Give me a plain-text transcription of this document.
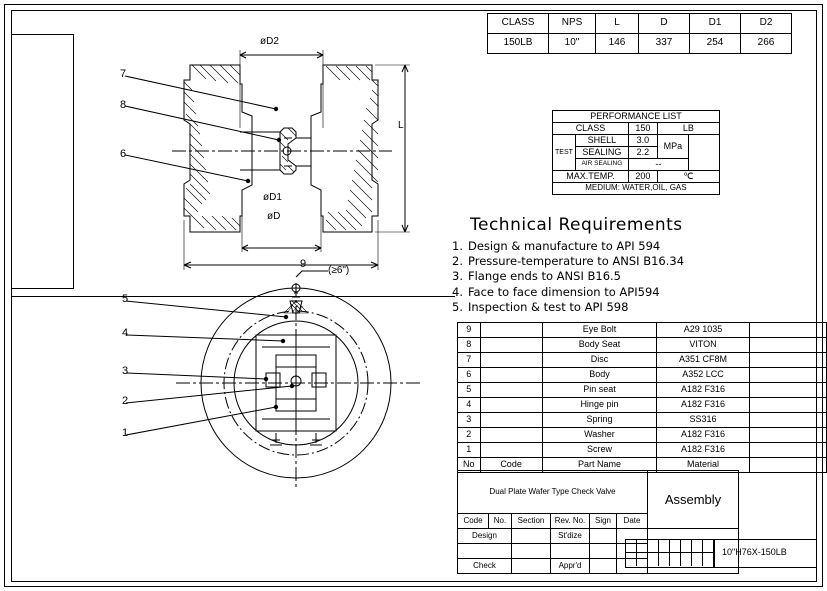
7
8
6
øD2
øD1
øD
L
5
4
3
2
1
9
(≥6")
CLASS	NPS	L	D	D1	D2
150LB	10"	146	337	254	266
PERFORMANCE LIST				
CLASS		150	LB	
TEST	SHELL	3.0	MPa	
	SEALING	2.2		
	AIR SEALING	--		
MAX.TEMP.		200	℃	
MEDIUM: WATER,OIL, GAS				
Technical Requirements
1. Design & manufacture to API 594
2. Pressure-temperature to ANSI B16.34
3. Flange ends to ANSI B16.5
4. Face to face dimension to API594
5. Inspection & test to API 598
9		Eye Bolt	A29 1035	
8		Body Seat	VITON	
7		Disc	A351 CF8M	
6		Body	A352 LCC	
5		Pin seat	A182 F316	
4		Hinge pin	A182 F316	
3		Spring	SS316	
2		Washer	A182 F316	
1		Screw	A182 F316	
No	Code	Part Name	Material	
Dual Plate Wafer Type Check Valve						Assembly
Code	No.	Section	Rev. No.	Sign	Date	
Design			St'dize			

Check			Appr'd			
10"H76X-150LB
